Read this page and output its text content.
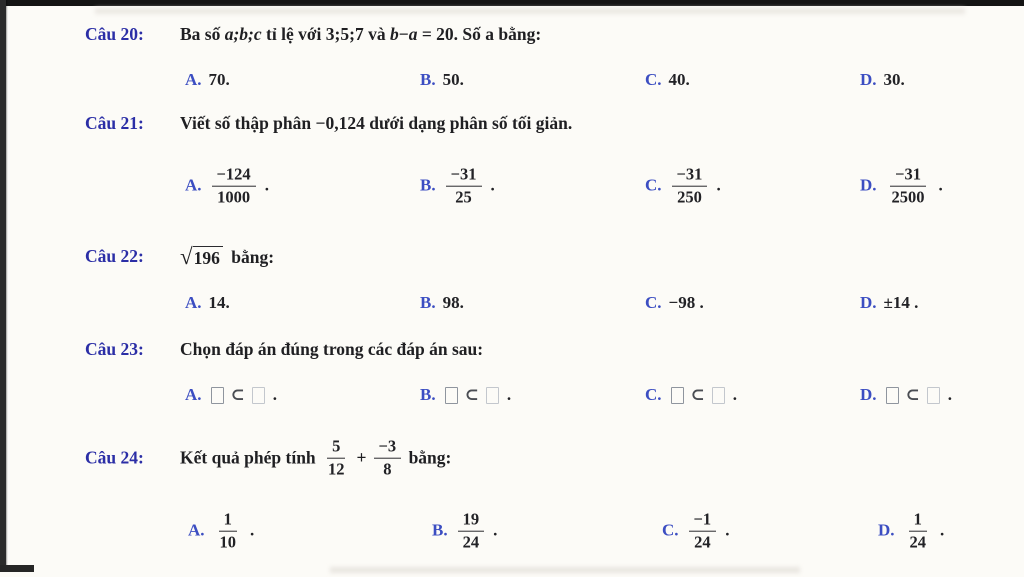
Câu 20: Ba số a;b;c tỉ lệ với 3;5;7 và b − a = 20. Số a bằng:
A. 70.	B. 50.	C. 40.	D. 30.
Câu 21: Viết số thập phân −0,124 dưới dạng phân số tối giản.
A. $\frac{-124}{1000}$ .	B. $\frac{-31}{25}$ .	C. $\frac{-31}{250}$ .	D. $\frac{-31}{2500}$ .
Câu 22: √ 196 bằng:
A. 14.	B. 98.	C. −98 .	D. ±14 .
Câu 23: Chọn đáp án đúng trong các đáp án sau:
A. ⊂ .	B. ⊂ .	C. ⊂ .	D. ⊂ .
Câu 24: Kết quả phép tính $\frac{5}{12} + \frac{-3}{8}$ bằng:
A. $\frac{1}{10}$ .	B. $\frac{19}{24}$ .	C. $\frac{-1}{24}$ .	D. $\frac{1}{24}$ .
